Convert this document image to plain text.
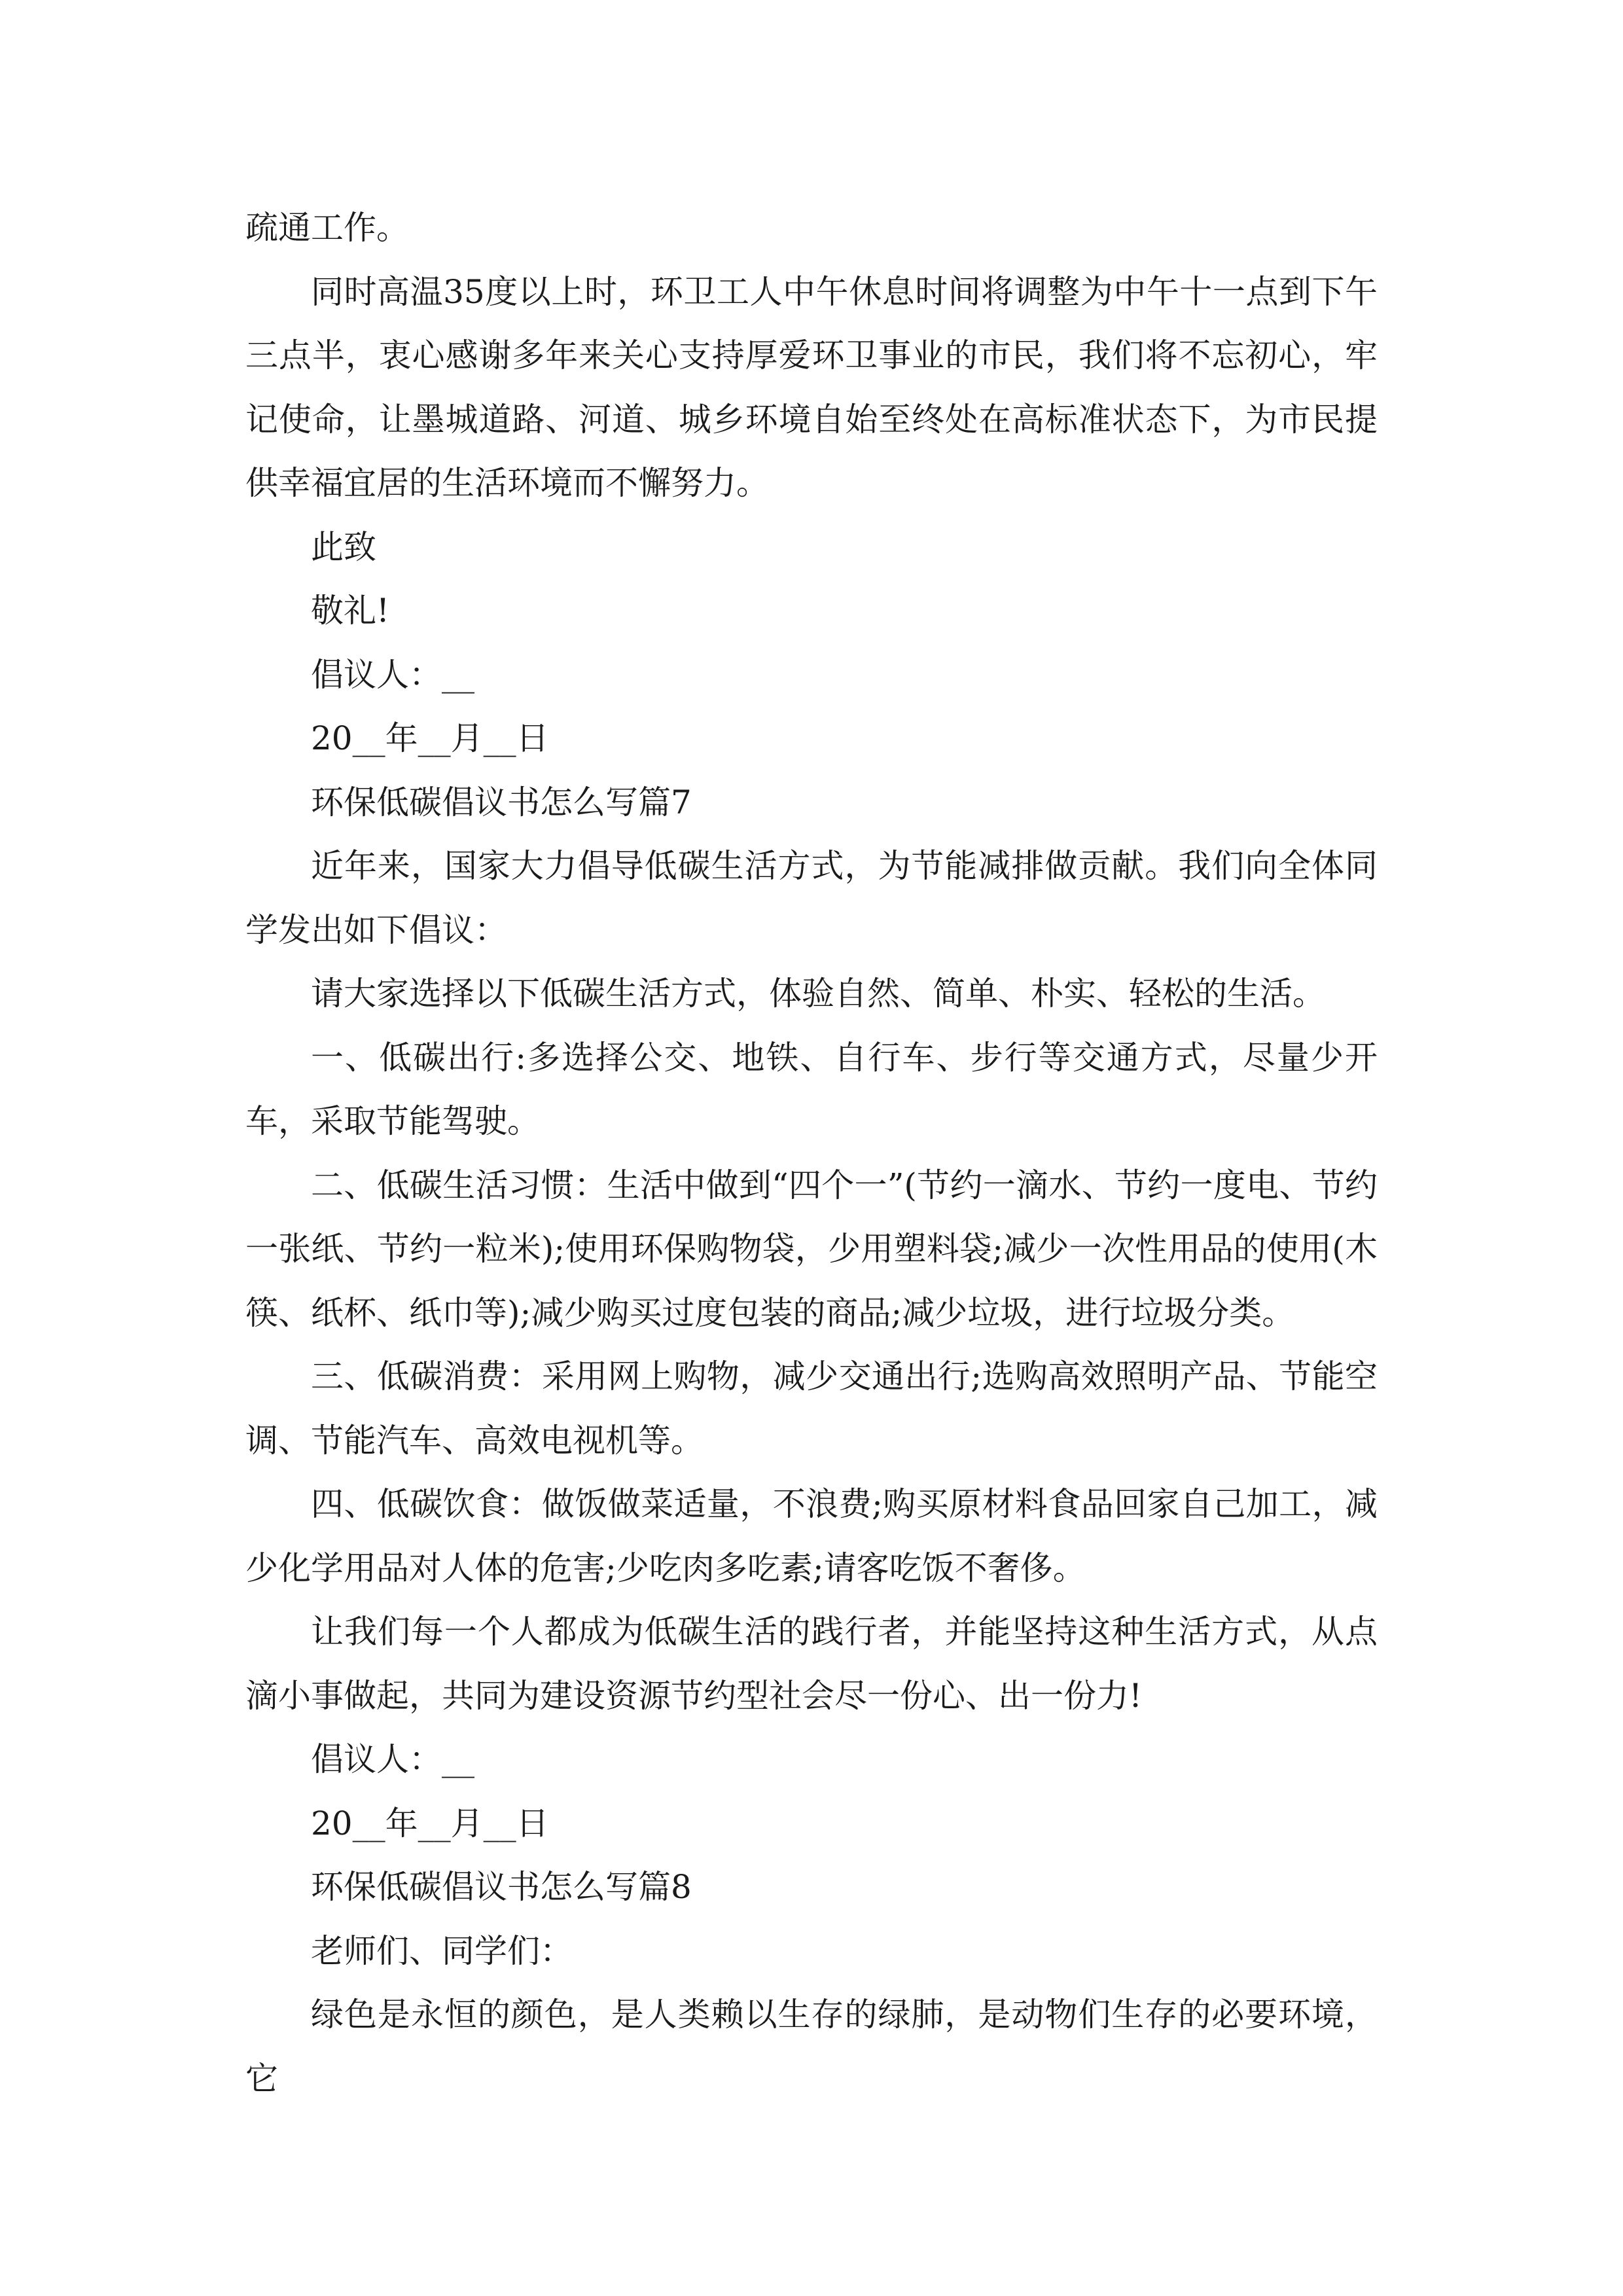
疏通工作。

同时高温35度以上时，环卫工人中午休息时间将调整为中午十一点到下午三点半，衷心感谢多年来关心支持厚爱环卫事业的市民，我们将不忘初心，牢记使命，让墨城道路、河道、城乡环境自始至终处在高标准状态下，为市民提供幸福宜居的生活环境而不懈努力。

此致

敬礼!

倡议人：__

20__年__月__日

环保低碳倡议书怎么写篇7

近年来，国家大力倡导低碳生活方式，为节能减排做贡献。我们向全体同学发出如下倡议：

请大家选择以下低碳生活方式，体验自然、简单、朴实、轻松的生活。

一、低碳出行:多选择公交、地铁、自行车、步行等交通方式，尽量少开车，采取节能驾驶。

二、低碳生活习惯：生活中做到“四个一”(节约一滴水、节约一度电、节约一张纸、节约一粒米);使用环保购物袋，少用塑料袋;减少一次性用品的使用(木筷、纸杯、纸巾等);减少购买过度包装的商品;减少垃圾，进行垃圾分类。

三、低碳消费：采用网上购物，减少交通出行;选购高效照明产品、节能空调、节能汽车、高效电视机等。

四、低碳饮食：做饭做菜适量，不浪费;购买原材料食品回家自己加工，减少化学用品对人体的危害;少吃肉多吃素;请客吃饭不奢侈。

让我们每一个人都成为低碳生活的践行者，并能坚持这种生活方式，从点滴小事做起，共同为建设资源节约型社会尽一份心、出一份力!

倡议人：__

20__年__月__日

环保低碳倡议书怎么写篇8

老师们、同学们：

绿色是永恒的颜色，是人类赖以生存的绿肺，是动物们生存的必要环境，它
